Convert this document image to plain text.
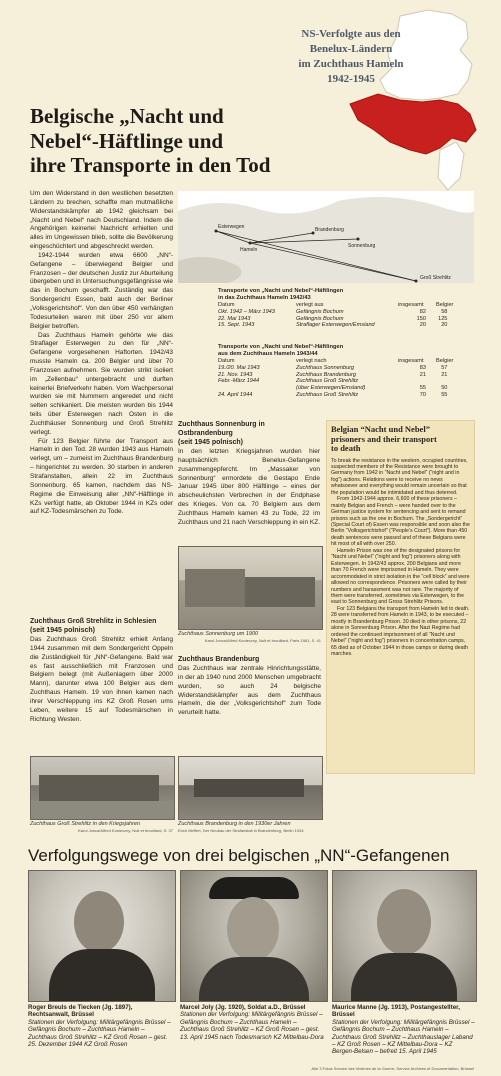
NS-Verfolgte aus den
Benelux-Ländern
im Zuchthaus Hameln
1942-1945
Belgische „Nacht und
Nebel“-Häftlinge und
ihre Transporte in den Tod

Um den Widerstand in den westlichen besetzten Ländern zu brechen, schaffte man mutmaßliche Widerstandskämpfer ab 1942 gleichsam bei „Nacht und Nebel“ nach Deutschland. Indem die Angehörigen keinerlei Nachricht erhielten und alles im Ungewissen blieb, sollte die Bevölkerung eingeschüchtert und abgeschreckt werden.

1942-1944 wurden etwa 6600 „NN“-Gefangene – überwiegend Belgier und Franzosen – der deutschen Justiz zur Aburteilung übergeben und in Untersuchungsgefängnisse wie das in Bochum geschafft. Zuständig war das Sondergericht Essen, bald auch der Berliner „Volksgerichtshof“. Von den über 450 verhängten Todesurteilen waren mit über 250 vor allem Belgier betroffen.

Das Zuchthaus Hameln gehörte wie das Straflager Esterwegen zu den für „NN“-Gefangene vorgesehenen Haftorten. 1942/43 musste Hameln ca. 200 Belgier und über 70 Franzosen aufnehmen. Sie wurden strikt isoliert im „Zellenbau“ untergebracht und durften keinerlei Briefverkehr haben. Vom Wachpersonal wurden sie mit Nummern angeredet und nicht selten schikaniert. Die meisten wurden bis 1944 teils über Esterwegen nach Osten in die Zuchthäuser Sonnenburg und Groß Strehlitz verlegt.

Für 123 Belgier führte der Transport aus Hameln in den Tod. 28 wurden 1943 aus Hameln verlegt, um – zumeist im Zuchthaus Brandenburg – hingerichtet zu werden. 30 starben in anderen Strafanstalten, allein 22 im Zuchthaus Sonnenburg. 65 kamen, nachdem das NS-Regime die Einweisung aller „NN“-Häftlinge in KZs verfügt hatte, ab Oktober 1944 in KZs oder auf KZ-Todesmärschen zu Tode.

Zuchthaus Groß Strehlitz in Schlesien
(seit 1945 polnisch)
Das Zuchthaus Groß Strehlitz erhielt Anfang 1944 zusammen mit dem Sondergericht Oppeln die Zuständigkeit für „NN“-Gefangene. Bald war es fast ausschließlich mit Franzosen und Belgiern belegt (mit Außenlagern über 2000 Mann), darunter etwa 100 Belgier aus dem Zuchthaus Hameln. 19 von ihnen kamen nach ihrer Verschleppung ins KZ Groß Rosen ums Leben, weitere 15 auf Todesmärschen in Richtung Westen.
Zuchthaus Groß Strehlitz in den Kriegsjahren
Karol Jonca/Alfred Konieczny, Nuit et brouillard, S. 37
Esterwegen
Hameln
Brandenburg
Sonnenburg
Groß Strehlitz
Transporte von „Nacht und Nebel“-Häftlingen
in das Zuchthaus Hameln 1942/43
Datum	verlegt aus	insgesamt	Belgier
Okt. 1942 – März 1943	Gefängnis Bochum	82	58
22. Mai 1943	Gefängnis Bochum	150	125
15. Sept. 1943	Straflager Esterwegen/Emsland	20	20
Transporte von „Nacht und Nebel“-Häftlingen
aus dem Zuchthaus Hameln 1943/44
Datum	verlegt nach	insgesamt	Belgier
19./20. Mai 1943	Zuchthaus Sonnenburg	83	57
21. Nov. 1943	Zuchthaus Brandenburg	21	21
Febr.-März 1944	Zuchthaus Groß Strehlitz		
	(über Esterwegen/Emsland)	55	50
24. April 1944	Zuchthaus Groß Strehlitz	70	55
Zuchthaus Sonnenburg in Ostbrandenburg
(seit 1945 polnisch)
In den letzten Kriegsjahren wurden hier hauptsächlich Benelux-Gefangene zusammengepfercht. Im „Massaker von Sonnenburg“ ermordete die Gestapo Ende Januar 1945 über 800 Häftlinge – eines der abscheulichsten Verbrechen in der Endphase des Krieges. Von ca. 70 Belgiern aus dem Zuchthaus Hameln kamen 43 zu Tode, 22 im Zuchthaus und 21 nach Verschleppung in ein KZ.
Zuchthaus Sonnenburg um 1900
Karol Jonca/Alfred Konieczny, Nuit et brouillard, Paris 1981, S. 41
Zuchthaus Brandenburg
Das Zuchthaus war zentrale Hinrichtungsstätte, in der ab 1940 rund 2000 Menschen umgebracht wurden, so auch 24 belgische Widerstandskämpfer aus dem Zuchthaus Hameln, die der „Volksgerichtshof“ zum Tode verurteilt hatte.
Zuchthaus Brandenburg in den 1930er Jahren
Erich Meffert, Der Neubau der Strafanstalt in Brandenburg, Berlin 1934
Belgian “Nacht und Nebel”
prisoners and their transport
to death

To break the resistance in the western, occupied countries, suspected members of the Resistance were brought to Germany from 1942 in “Nacht und Nebel” (“night and in fog”) actions. Relations were to receive no news whatsoever and everything would remain uncertain so that the population would be intimidated and thus deterred.

From 1942-1944 approx. 6,600 of these prisoners – mainly Belgian and French – were handed over to the German justice system for sentencing and sent to remand prisons such as the one in Bochum. The „Sondergericht“ (Special Court of) Essen was responsible and soon also the Berlin “Volksgerichtshof” (“People’s Court”). More than 450 death sentences were passed and of these Belgians were hit most of all with over 250.

Hameln Prison was one of the designated prisons for “Nacht und Nebel” (“night and fog”) prisoners along with Esterwegen. In 1942/43 approx. 200 Belgians and more than 70 French were imprisoned in Hameln. They were accommodated in strict isolation in the “cell block” and were allowed no correspondence. Prisoners were called by their numbers and harassment was not rare. The majority of them were transferred, sometimes via Esterwegen, to the east to Sonnenburg and Gross Strehlitz Prisons.

For 123 Belgians the transport from Hameln led to death. 28 were transferred from Hameln in 1943, to be executed – mostly in Brandenburg Prison. 30 died in other prisons, 22 alone in Sonnenburg Prison. After the Nazi Regime had ordered the continued imprisonment of all “Nacht und Nebel” (“night and fog”) prisoners in concentration camps, 65 died as of October 1944 in those camps or during death marches.

Verfolgungswege von drei belgischen „NN“-Gefangenen
Roger Breuls de Tiecken (Jg. 1897), Rechtsanwalt, Brüssel
Stationen der Verfolgung: Militärgefängnis Brüssel – Gefängnis Bochum – Zuchthaus Hameln – Zuchthaus Groß Strehlitz – KZ Groß Rosen – gest. 25. Dezember 1944 KZ Groß Rosen
Marcel Joly (Jg. 1920), Soldat a.D., Brüssel
Stationen der Verfolgung: Militärgefängnis Brüssel – Gefängnis Bochum – Zuchthaus Hameln – Zuchthaus Groß Strehlitz – KZ Groß Rosen – gest. 13. April 1945 nach Todesmarsch KZ Mittelbau-Dora
Maurice Manne (Jg. 1913), Postangestellter, Brüssel
Stationen der Verfolgung: Militärgefängnis Brüssel – Gefängnis Bochum – Zuchthaus Hameln – Zuchthaus Groß Strehlitz – Zuchthauslager Laband – KZ Groß Rosen – KZ Mittelbau-Dora – KZ Bergen-Belsen – befreit 15. April 1945
Alle 3 Fotos Service des Victimes de la Guerre, Service Archives et Documentation, Brüssel
